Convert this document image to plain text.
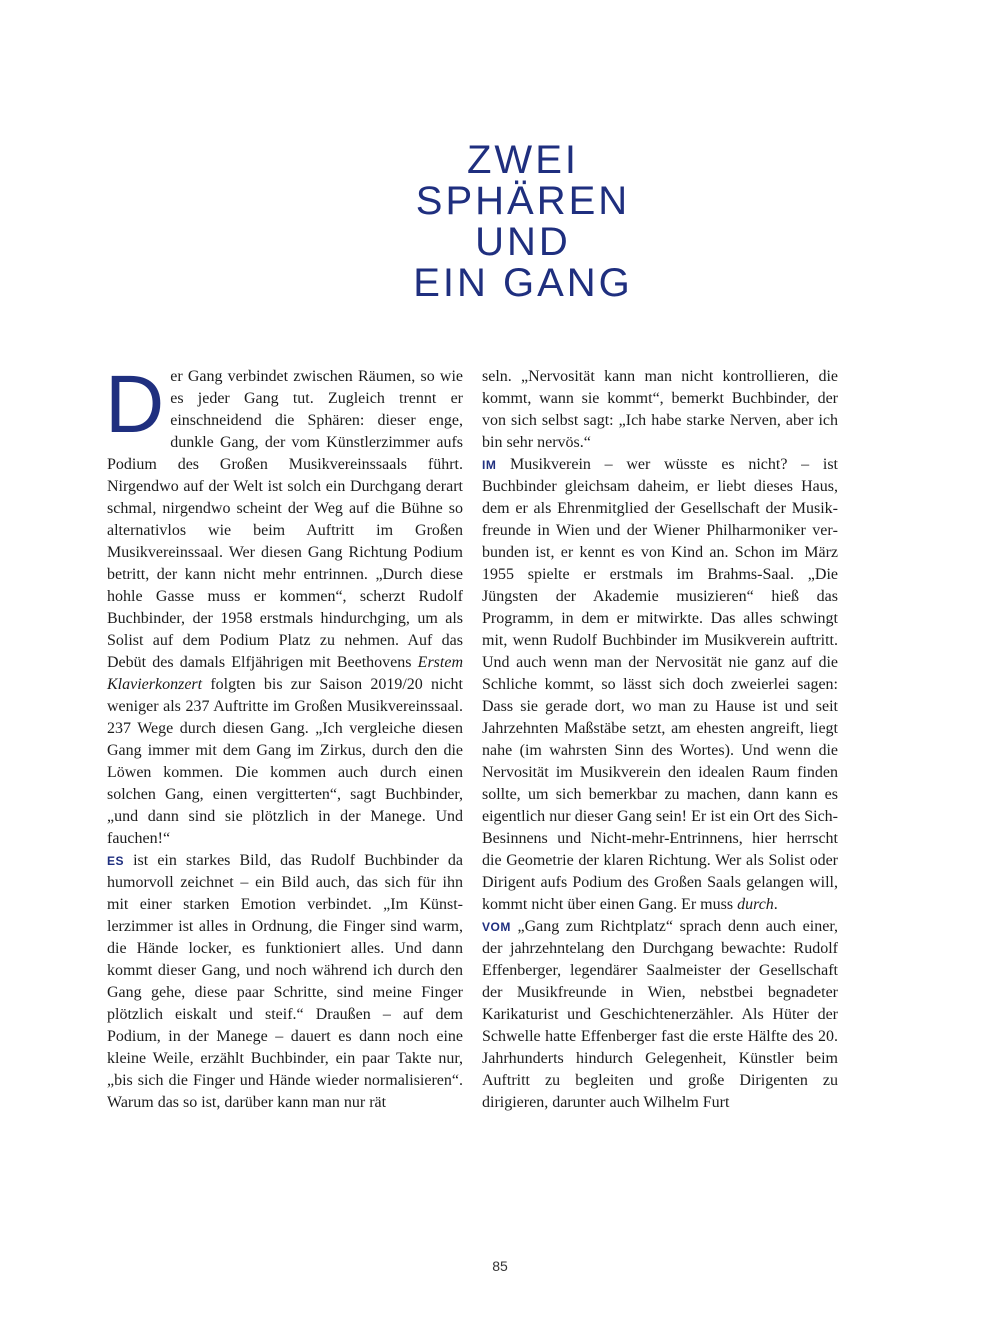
ZWEI
SPHÄREN
UND
EIN GANG

Der Gang verbindet zwischen Räumen, so wie es jeder Gang tut. Zugleich trennt er einschneidend die Sphären: dieser enge, dunkle Gang, der vom Künstlerzimmer aufs Podium des Großen Musikvereinssaals führt. Nirgendwo auf der Welt ist solch ein Durchgang derart schmal, nirgendwo scheint der Weg auf die Bühne so alternativlos wie beim Auftritt im Großen Musikvereinssaal. Wer diesen Gang Richtung Podium betritt, der kann nicht mehr entrinnen. „Durch diese hohle Gasse muss er kommen“, scherzt Rudolf Buchbinder, der 1958 erstmals hindurchging, um als Solist auf dem Podium Platz zu nehmen. Auf das Debüt des damals Elfjährigen mit Beethovens Erstem Klavierkonzert folgten bis zur Saison 2019/20 nicht weniger als 237 Auftritte im Großen Musikvereinssaal. 237 Wege durch diesen Gang. „Ich vergleiche diesen Gang immer mit dem Gang im Zirkus, durch den die Löwen kommen. Die kommen auch durch einen solchen Gang, einen vergitterten“, sagt Buchbinder, „und dann sind sie plötzlich in der Manege. Und fauchen!“

ES ist ein starkes Bild, das Rudolf Buchbinder da humorvoll zeichnet – ein Bild auch, das sich für ihn mit einer starken Emotion verbindet. „Im Künstlerzimmer ist alles in Ordnung, die Finger sind warm, die Hände locker, es funktioniert alles. Und dann kommt dieser Gang, und noch während ich durch den Gang gehe, diese paar Schritte, sind meine Finger plötzlich eiskalt und steif.“ Draußen – auf dem Podium, in der Manege – dauert es dann noch eine kleine Weile, erzählt Buchbinder, ein paar Takte nur, „bis sich die Finger und Hände wieder normalisieren“. Warum das so ist, darüber kann man nur rät

seln. „Nervosität kann man nicht kontrollieren, die kommt, wann sie kommt“, bemerkt Buchbinder, der von sich selbst sagt: „Ich habe starke Nerven, aber ich bin sehr nervös.“

IM Musikverein – wer wüsste es nicht? – ist Buchbinder gleichsam daheim, er liebt dieses Haus, dem er als Ehrenmitglied der Gesellschaft der Musikfreunde in Wien und der Wiener Philharmoniker verbunden ist, er kennt es von Kind an. Schon im März 1955 spielte er erstmals im Brahms-Saal. „Die Jüngsten der Akademie musizieren“ hieß das Programm, in dem er mitwirkte. Das alles schwingt mit, wenn Rudolf Buchbinder im Musikverein auftritt. Und auch wenn man der Nervosität nie ganz auf die Schliche kommt, so lässt sich doch zweierlei sagen: Dass sie gerade dort, wo man zu Hause ist und seit Jahrzehnten Maßstäbe setzt, am ehesten angreift, liegt nahe (im wahrsten Sinn des Wortes). Und wenn die Nervosität im Musikverein den idealen Raum finden sollte, um sich bemerkbar zu machen, dann kann es eigentlich nur dieser Gang sein! Er ist ein Ort des Sich-Besinnens und Nicht-mehr-Entrinnens, hier herrscht die Geometrie der klaren Richtung. Wer als Solist oder Dirigent aufs Podium des Großen Saals gelangen will, kommt nicht über einen Gang. Er muss durch.

VOM „Gang zum Richtplatz“ sprach denn auch einer, der jahrzehntelang den Durchgang bewachte: Rudolf Effenberger, legendärer Saalmeister der Gesellschaft der Musikfreunde in Wien, nebstbei begnadeter Karikaturist und Geschichtenerzähler. Als Hüter der Schwelle hatte Effenberger fast die erste Hälfte des 20. Jahrhunderts hindurch Gelegenheit, Künstler beim Auftritt zu begleiten und große Dirigenten zu dirigieren, darunter auch Wilhelm Furt

85
